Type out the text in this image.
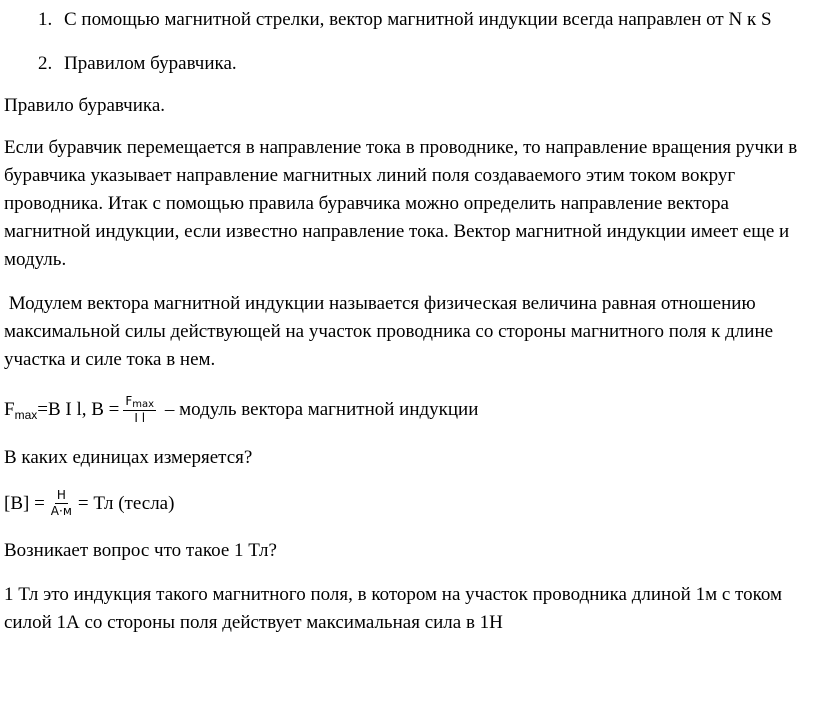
1. С помощью магнитной стрелки, вектор магнитной индукции всегда направлен от N к S
2. Правилом буравчика.

Правило буравчика.

Если буравчик перемещается в направление тока в проводнике, то направление вращения ручки в буравчика указывает направление магнитных линий поля создаваемого этим током вокруг проводника. Итак с помощью правила буравчика можно определить направление вектора магнитной индукции, если известно направление тока. Вектор магнитной индукции имеет еще и модуль.

Модулем вектора магнитной индукции называется физическая величина равная отношению максимальной силы действующей на участок проводника со стороны магнитного поля к длине участка и силе тока в нем.

F max =B I l, $B = \frac{Fmax}{\text{I l}}$ – модуль вектора магнитной индукции

В каких единицах измеряется?

$[B] = \frac{Н}{А\cdot м}$ = Тл (тесла)

Возникает вопрос что такое 1 Тл?

1 Тл это индукция такого магнитного поля, в котором на участок проводника длиной 1м с током силой 1А со стороны поля действует максимальная сила в 1Н
